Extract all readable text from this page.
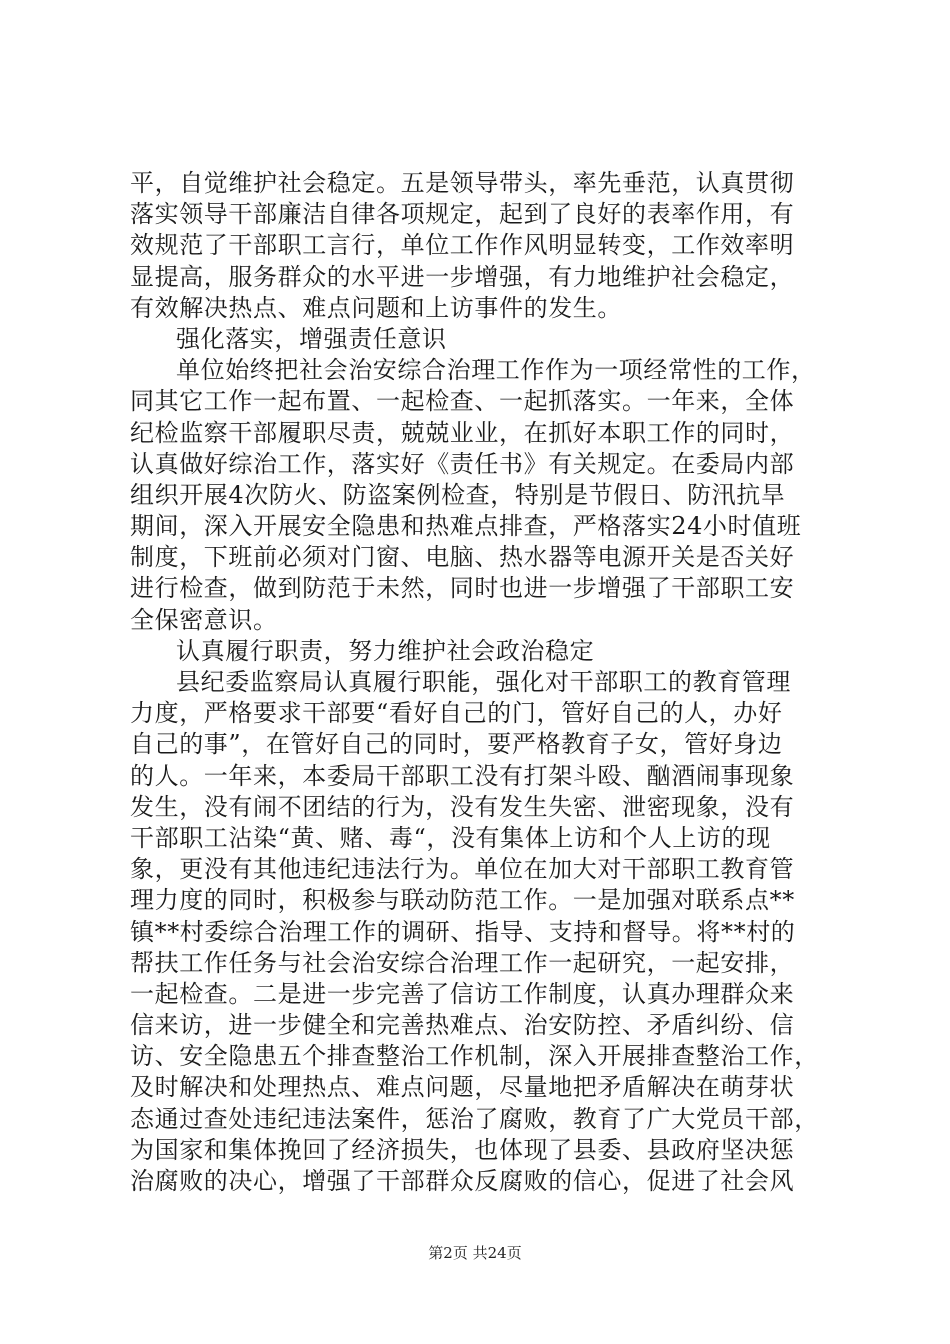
平，自觉维护社会稳定。五是领导带头，率先垂范，认真贯彻
落实领导干部廉洁自律各项规定，起到了良好的表率作用，有
效规范了干部职工言行，单位工作作风明显转变，工作效率明
显提高，服务群众的水平进一步增强，有力地维护社会稳定，
有效解决热点、难点问题和上访事件的发生。
强化落实，增强责任意识
单位始终把社会治安综合治理工作作为一项经常性的工作，
同其它工作一起布置、一起检查、一起抓落实。一年来，全体
纪检监察干部履职尽责，兢兢业业，在抓好本职工作的同时，
认真做好综治工作，落实好《责任书》有关规定。在委局内部
组织开展4次防火、防盗案例检查，特别是节假日、防汛抗旱
期间，深入开展安全隐患和热难点排查，严格落实24小时值班
制度，下班前必须对门窗、电脑、热水器等电源开关是否关好
进行检查，做到防范于未然，同时也进一步增强了干部职工安
全保密意识。
认真履行职责，努力维护社会政治稳定
县纪委监察局认真履行职能，强化对干部职工的教育管理
力度，严格要求干部要“看好自己的门，管好自己的人，办好
自己的事”，在管好自己的同时，要严格教育子女，管好身边
的人。一年来，本委局干部职工没有打架斗殴、酗酒闹事现象
发生，没有闹不团结的行为，没有发生失密、泄密现象，没有
干部职工沾染“黄、赌、毒“，没有集体上访和个人上访的现
象，更没有其他违纪违法行为。单位在加大对干部职工教育管
理力度的同时，积极参与联动防范工作。一是加强对联系点**
镇**村委综合治理工作的调研、指导、支持和督导。将**村的
帮扶工作任务与社会治安综合治理工作一起研究，一起安排，
一起检查。二是进一步完善了信访工作制度，认真办理群众来
信来访，进一步健全和完善热难点、治安防控、矛盾纠纷、信
访、安全隐患五个排查整治工作机制，深入开展排查整治工作，
及时解决和处理热点、难点问题，尽量地把矛盾解决在萌芽状
态通过查处违纪违法案件，惩治了腐败，教育了广大党员干部，
为国家和集体挽回了经济损失，也体现了县委、县政府坚决惩
治腐败的决心，增强了干部群众反腐败的信心，促进了社会风
第2页 共24页
